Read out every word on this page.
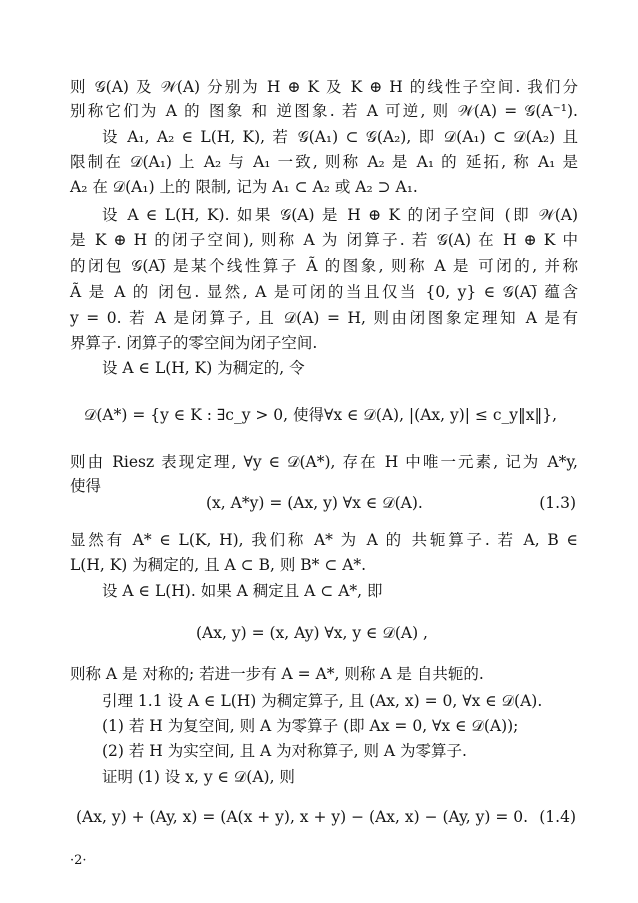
则 𝒢(A) 及 𝒲(A) 分别为 H ⊕ K 及 K ⊕ H 的线性子空间. 我们分
别称它们为 A 的 图象 和 逆图象. 若 A 可逆, 则 𝒲(A) = 𝒢(A⁻¹).
设 A₁, A₂ ∈ L(H, K), 若 𝒢(A₁) ⊂ 𝒢(A₂), 即 𝒟(A₁) ⊂ 𝒟(A₂) 且
限制在 𝒟(A₁) 上 A₂ 与 A₁ 一致, 则称 A₂ 是 A₁ 的 延拓, 称 A₁ 是
A₂ 在 𝒟(A₁) 上的 限制, 记为 A₁ ⊂ A₂ 或 A₂ ⊃ A₁.
设 A ∈ L(H, K). 如果 𝒢(A) 是 H ⊕ K 的闭子空间 (即 𝒲(A)
是 K ⊕ H 的闭子空间), 则称 A 为 闭算子. 若 𝒢(A) 在 H ⊕ K 中
的闭包 𝒢(A)̅ 是某个线性算子 Ã 的图象, 则称 A 是 可闭的, 并称
Ã 是 A 的 闭包. 显然, A 是可闭的当且仅当 {0, y} ∈ 𝒢(A)̅ 蕴含
y = 0. 若 A 是闭算子, 且 𝒟(A) = H, 则由闭图象定理知 A 是有
界算子. 闭算子的零空间为闭子空间.
设 A ∈ L(H, K) 为稠定的, 令
𝒟(A*) = {y ∈ K : ∃c_y > 0, 使得∀x ∈ 𝒟(A), |(Ax, y)| ≤ c_y‖x‖},
则由 Riesz 表现定理, ∀y ∈ 𝒟(A*), 存在 H 中唯一元素, 记为 A*y,
使得
(x, A*y) = (Ax, y) ∀x ∈ 𝒟(A).	(1.3)
显然有 A* ∈ L(K, H), 我们称 A* 为 A 的 共轭算子. 若 A, B ∈
L(H, K) 为稠定的, 且 A ⊂ B, 则 B* ⊂ A*.
设 A ∈ L(H). 如果 A 稠定且 A ⊂ A*, 即
(Ax, y) = (x, Ay) ∀x, y ∈ 𝒟(A) ,
则称 A 是 对称的; 若进一步有 A = A*, 则称 A 是 自共轭的.
引理 1.1 设 A ∈ L(H) 为稠定算子, 且 (Ax, x) = 0, ∀x ∈ 𝒟(A).
(1) 若 H 为复空间, 则 A 为零算子 (即 Ax = 0, ∀x ∈ 𝒟(A));
(2) 若 H 为实空间, 且 A 为对称算子, 则 A 为零算子.
证明 (1) 设 x, y ∈ 𝒟(A), 则
(Ax, y) + (Ay, x) = (A(x + y), x + y) − (Ax, x) − (Ay, y) = 0. (1.4)
·2·
